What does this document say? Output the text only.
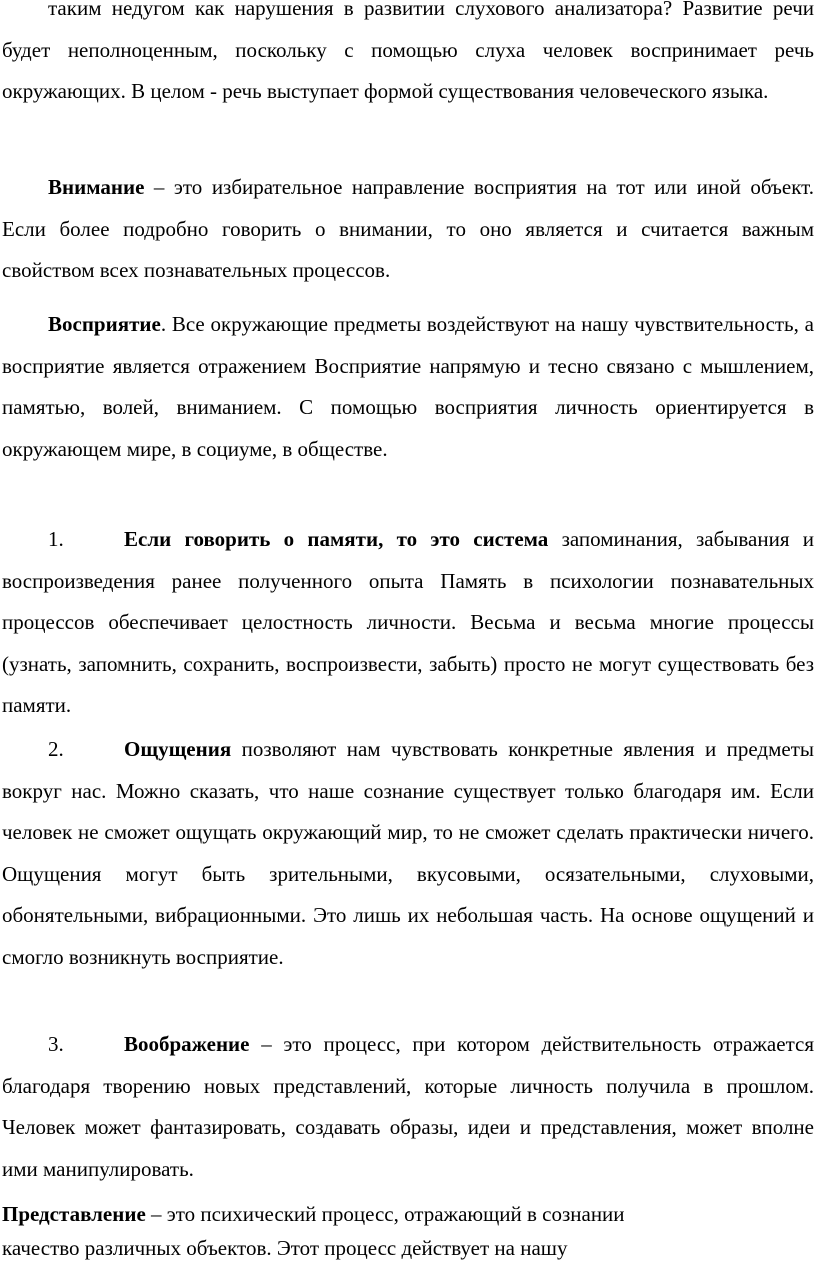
таким недугом как нарушения в развитии слухового анализатора? Развитие речи будет неполноценным, поскольку с помощью слуха человек воспринимает речь окружающих. В целом - речь выступает формой существования человеческого языка.

Внимание – это избирательное направление восприятия на тот или иной объект. Если более подробно говорить о внимании, то оно является и считается важным свойством всех познавательных процессов.

Восприятие. Все окружающие предметы воздействуют на нашу чувствительность, а восприятие является отражением Восприятие напрямую и тесно связано с мышлением, памятью, волей, вниманием. С помощью восприятия личность ориентируется в окружающем мире, в социуме, в обществе.

1.	Если говорить о памяти, то это система запоминания, забывания и воспроизведения ранее полученного опыта Память в психологии познавательных процессов обеспечивает целостность личности. Весьма и весьма многие процессы (узнать, запомнить, сохранить, воспроизвести, забыть) просто не могут существовать без памяти.

2.	Ощущения позволяют нам чувствовать конкретные явления и предметы вокруг нас. Можно сказать, что наше сознание существует только благодаря им. Если человек не сможет ощущать окружающий мир, то не сможет сделать практически ничего. Ощущения могут быть зрительными, вкусовыми, осязательными, слуховыми, обонятельными, вибрационными. Это лишь их небольшая часть. На основе ощущений и смогло возникнуть восприятие.

3.	Воображение – это процесс, при котором действительность отражается благодаря творению новых представлений, которые личность получила в прошлом. Человек может фантазировать, создавать образы, идеи и представления, может вполне ими манипулировать.

Представление – это психический процесс, отражающий в сознании
качество различных объектов. Этот процесс действует на нашу
